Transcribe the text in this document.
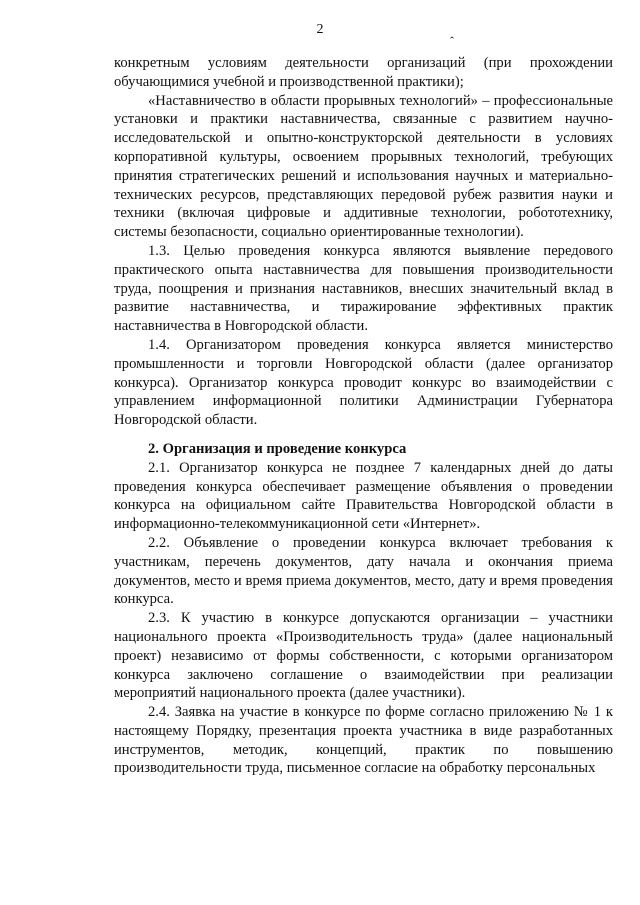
2
ˆ

конкретным условиям деятельности организаций (при прохождении обучающимися учебной и производственной практики);

«Наставничество в области прорывных технологий» – профессиональные установки и практики наставничества, связанные с развитием научно-исследовательской и опытно-конструкторской деятельности в условиях корпоративной культуры, освоением прорывных технологий, требующих принятия стратегических решений и использования научных и материально-технических ресурсов, представляющих передовой рубеж развития науки и техники (включая цифровые и аддитивные технологии, робототехнику, системы безопасности, социально ориентированные технологии).

1.3. Целью проведения конкурса являются выявление передового практического опыта наставничества для повышения производительности труда, поощрения и признания наставников, внесших значительный вклад в развитие наставничества, и тиражирование эффективных практик наставничества в Новгородской области.

1.4. Организатором проведения конкурса является министерство промышленности и торговли Новгородской области (далее организатор конкурса). Организатор конкурса проводит конкурс во взаимодействии с управлением информационной политики Администрации Губернатора Новгородской области.

2. Организация и проведение конкурса

2.1. Организатор конкурса не позднее 7 календарных дней до даты проведения конкурса обеспечивает размещение объявления о проведении конкурса на официальном сайте Правительства Новгородской области в информационно-телекоммуникационной сети «Интернет».

2.2. Объявление о проведении конкурса включает требования к участникам, перечень документов, дату начала и окончания приема документов, место и время приема документов, место, дату и время проведения конкурса.

2.3. К участию в конкурсе допускаются организации – участники национального проекта «Производительность труда» (далее национальный проект) независимо от формы собственности, с которыми организатором конкурса заключено соглашение о взаимодействии при реализации мероприятий национального проекта (далее участники).

2.4. Заявка на участие в конкурсе по форме согласно приложению № 1 к настоящему Порядку, презентация проекта участника в виде разработанных инструментов, методик, концепций, практик по повышению производительности труда, письменное согласие на обработку персональных
